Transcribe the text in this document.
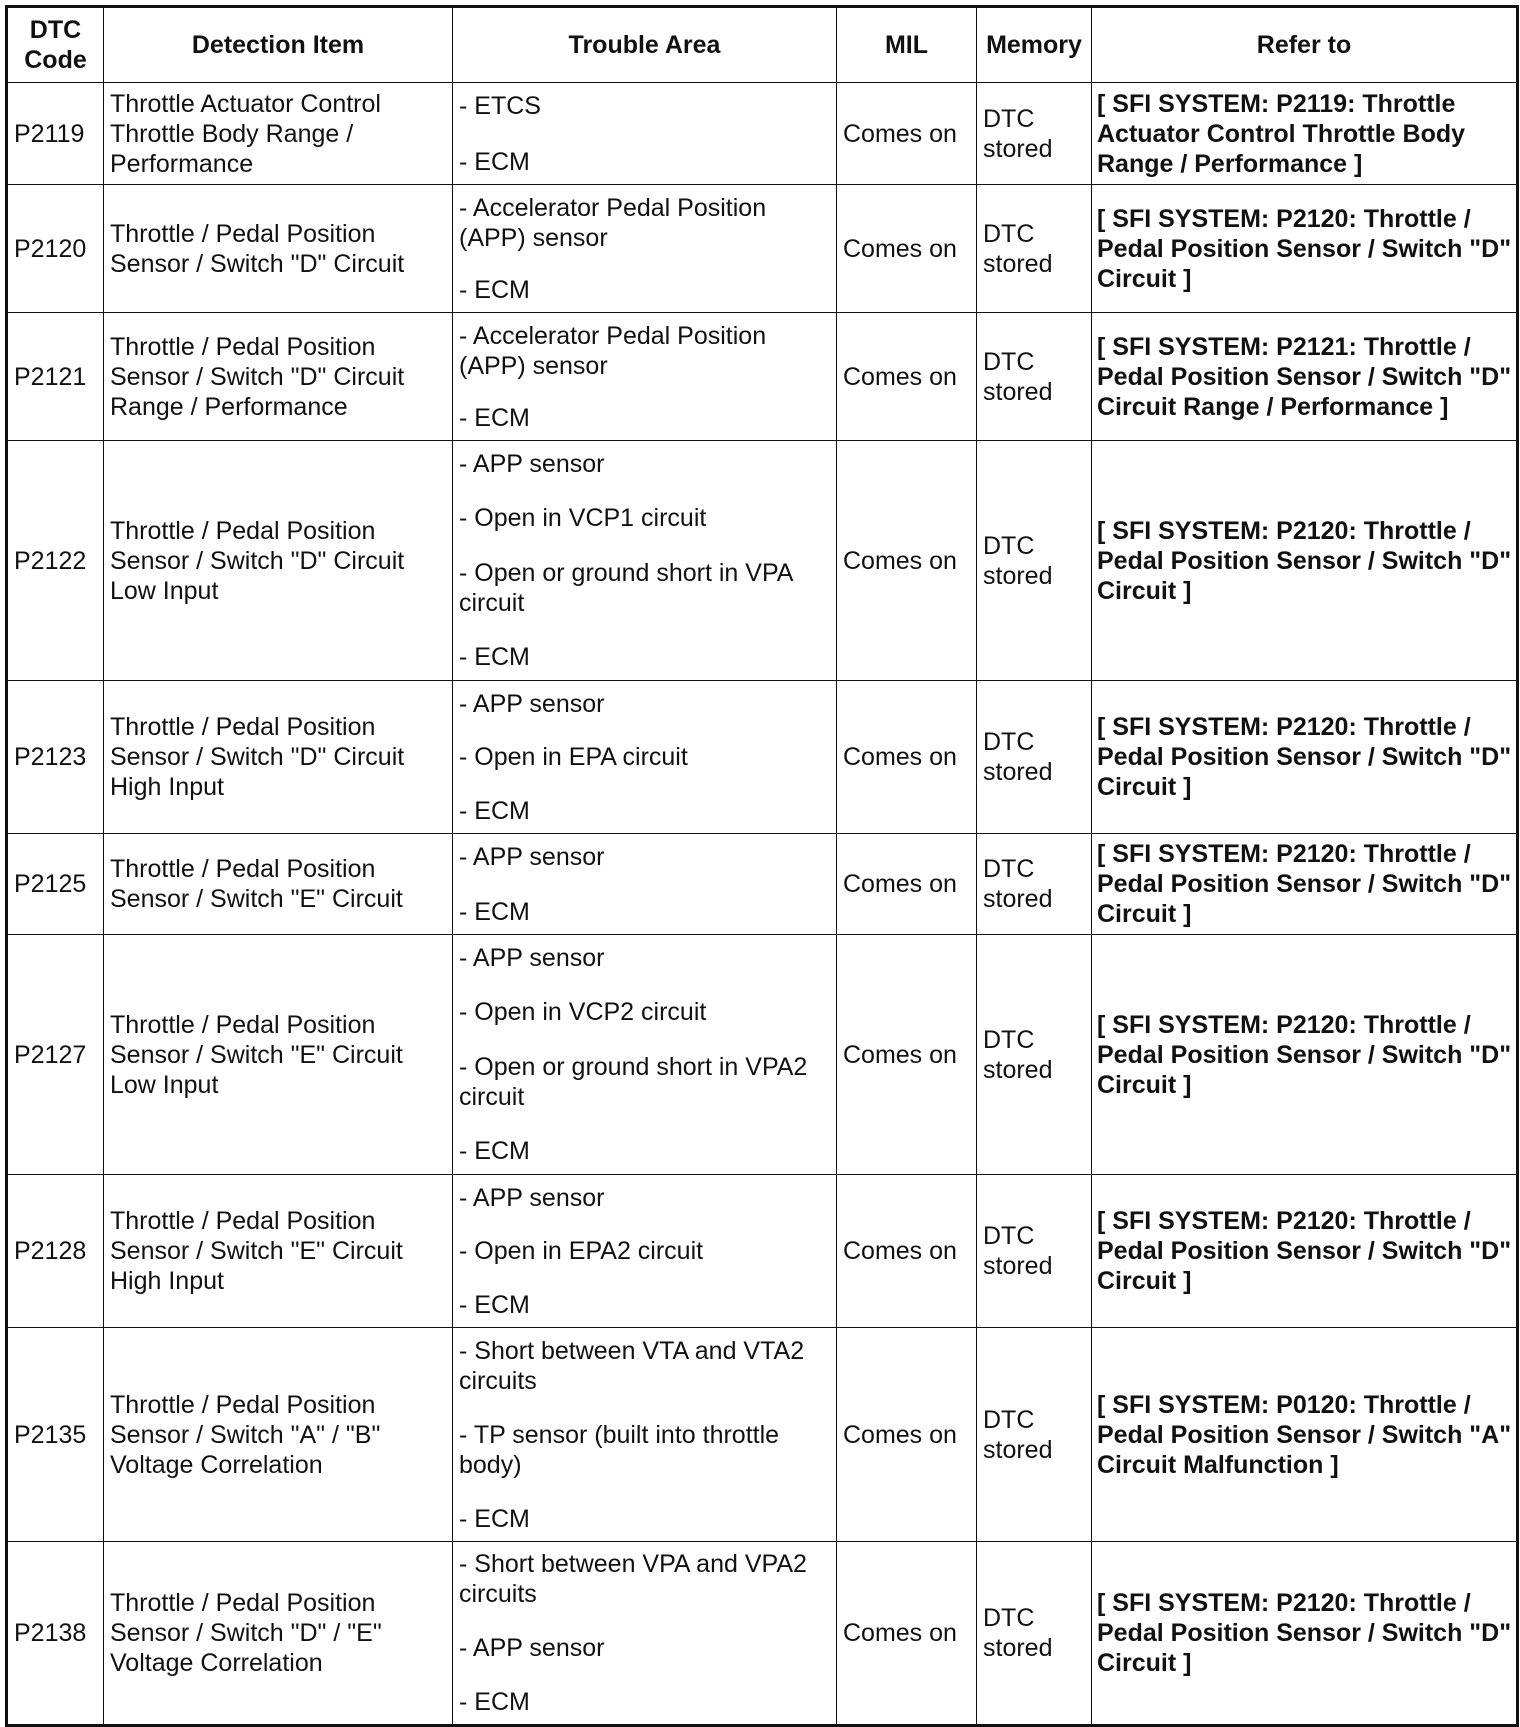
DTC
Code	Detection Item	Trouble Area	MIL	Memory	Refer to
P2119	Throttle Actuator Control Throttle Body Range / Performance	- ETCS
- ECM	Comes on	DTC stored	[ SFI SYSTEM: P2119: Throttle Actuator Control Throttle Body Range / Performance ]
P2120	Throttle / Pedal Position Sensor / Switch "D" Circuit	- Accelerator Pedal Position (APP) sensor
- ECM	Comes on	DTC stored	[ SFI SYSTEM: P2120: Throttle / Pedal Position Sensor / Switch "D" Circuit ]
P2121	Throttle / Pedal Position Sensor / Switch "D" Circuit Range / Performance	- Accelerator Pedal Position (APP) sensor
- ECM	Comes on	DTC stored	[ SFI SYSTEM: P2121: Throttle / Pedal Position Sensor / Switch "D" Circuit Range / Performance ]
P2122	Throttle / Pedal Position Sensor / Switch "D" Circuit Low Input	- APP sensor
- Open in VCP1 circuit
- Open or ground short in VPA circuit
- ECM	Comes on	DTC stored	[ SFI SYSTEM: P2120: Throttle / Pedal Position Sensor / Switch "D" Circuit ]
P2123	Throttle / Pedal Position Sensor / Switch "D" Circuit High Input	- APP sensor
- Open in EPA circuit
- ECM	Comes on	DTC stored	[ SFI SYSTEM: P2120: Throttle / Pedal Position Sensor / Switch "D" Circuit ]
P2125	Throttle / Pedal Position Sensor / Switch "E" Circuit	- APP sensor
- ECM	Comes on	DTC stored	[ SFI SYSTEM: P2120: Throttle / Pedal Position Sensor / Switch "D" Circuit ]
P2127	Throttle / Pedal Position Sensor / Switch "E" Circuit Low Input	- APP sensor
- Open in VCP2 circuit
- Open or ground short in VPA2 circuit
- ECM	Comes on	DTC stored	[ SFI SYSTEM: P2120: Throttle / Pedal Position Sensor / Switch "D" Circuit ]
P2128	Throttle / Pedal Position Sensor / Switch "E" Circuit High Input	- APP sensor
- Open in EPA2 circuit
- ECM	Comes on	DTC stored	[ SFI SYSTEM: P2120: Throttle / Pedal Position Sensor / Switch "D" Circuit ]
P2135	Throttle / Pedal Position Sensor / Switch "A" / "B" Voltage Correlation	- Short between VTA and VTA2 circuits
- TP sensor (built into throttle body)
- ECM	Comes on	DTC stored	[ SFI SYSTEM: P0120: Throttle / Pedal Position Sensor / Switch "A" Circuit Malfunction ]
P2138	Throttle / Pedal Position Sensor / Switch "D" / "E" Voltage Correlation	- Short between VPA and VPA2 circuits
- APP sensor
- ECM	Comes on	DTC stored	[ SFI SYSTEM: P2120: Throttle / Pedal Position Sensor / Switch "D" Circuit ]
